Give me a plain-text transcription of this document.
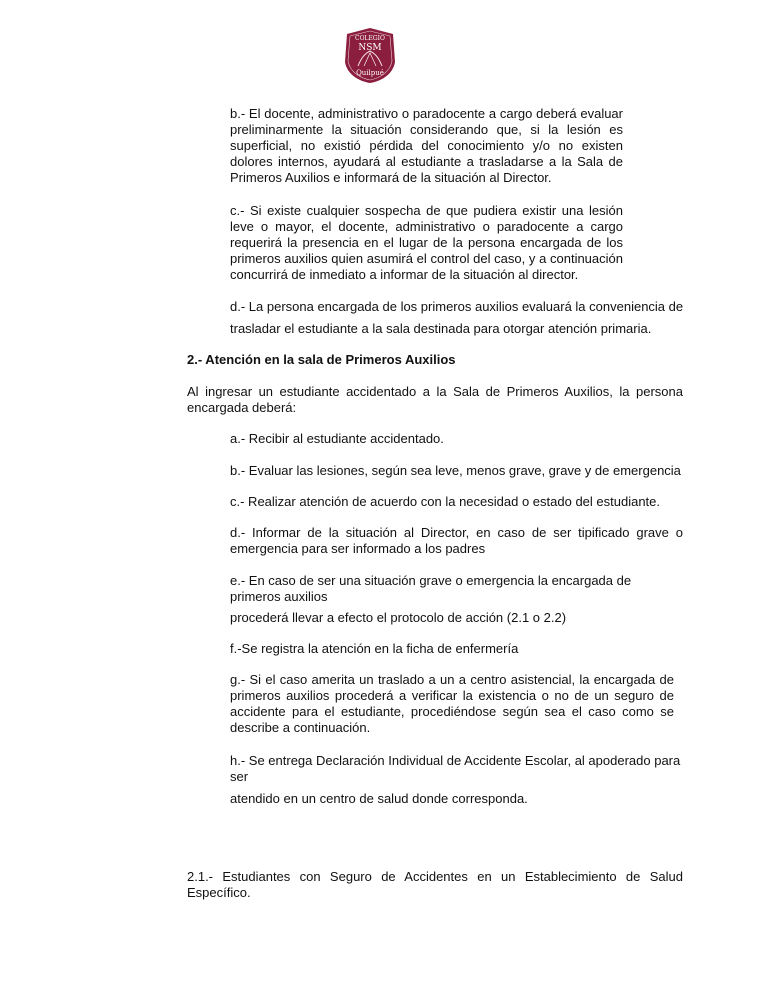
COLEGIO
NSM
Quilpué

b.- El docente, administrativo o paradocente a cargo deberá evaluar preliminarmente la situación considerando que, si la lesión es superficial, no existió pérdida del conocimiento y/o no existen dolores internos, ayudará al estudiante a trasladarse a la Sala de Primeros Auxilios e informará de la situación al Director.

c.- Si existe cualquier sospecha de que pudiera existir una lesión leve o mayor, el docente, administrativo o paradocente a cargo requerirá la presencia en el lugar de la persona encargada de los primeros auxilios quien asumirá el control del caso, y a continuación concurrirá de inmediato a informar de la situación al director.

d.- La persona encargada de los primeros auxilios evaluará la conveniencia de

trasladar el estudiante a la sala destinada para otorgar atención primaria.

2.- Atención en la sala de Primeros Auxilios

Al ingresar un estudiante accidentado a la Sala de Primeros Auxilios, la persona encargada deberá:

a.- Recibir al estudiante accidentado.

b.- Evaluar las lesiones, según sea leve, menos grave, grave y de emergencia

c.- Realizar atención de acuerdo con la necesidad o estado del estudiante.

d.- Informar de la situación al Director, en caso de ser tipificado grave o emergencia para ser informado a los padres

e.- En caso de ser una situación grave o emergencia la encargada de primeros auxilios

procederá llevar a efecto el protocolo de acción (2.1 o 2.2)

f.-Se registra la atención en la ficha de enfermería

g.- Si el caso amerita un traslado a un a centro asistencial, la encargada de primeros auxilios procederá a verificar la existencia o no de un seguro de accidente para el estudiante, procediéndose según sea el caso como se describe a continuación.

h.- Se entrega Declaración Individual de Accidente Escolar, al apoderado para ser

atendido en un centro de salud donde corresponda.

2.1.- Estudiantes con Seguro de Accidentes en un Establecimiento de Salud Específico.
